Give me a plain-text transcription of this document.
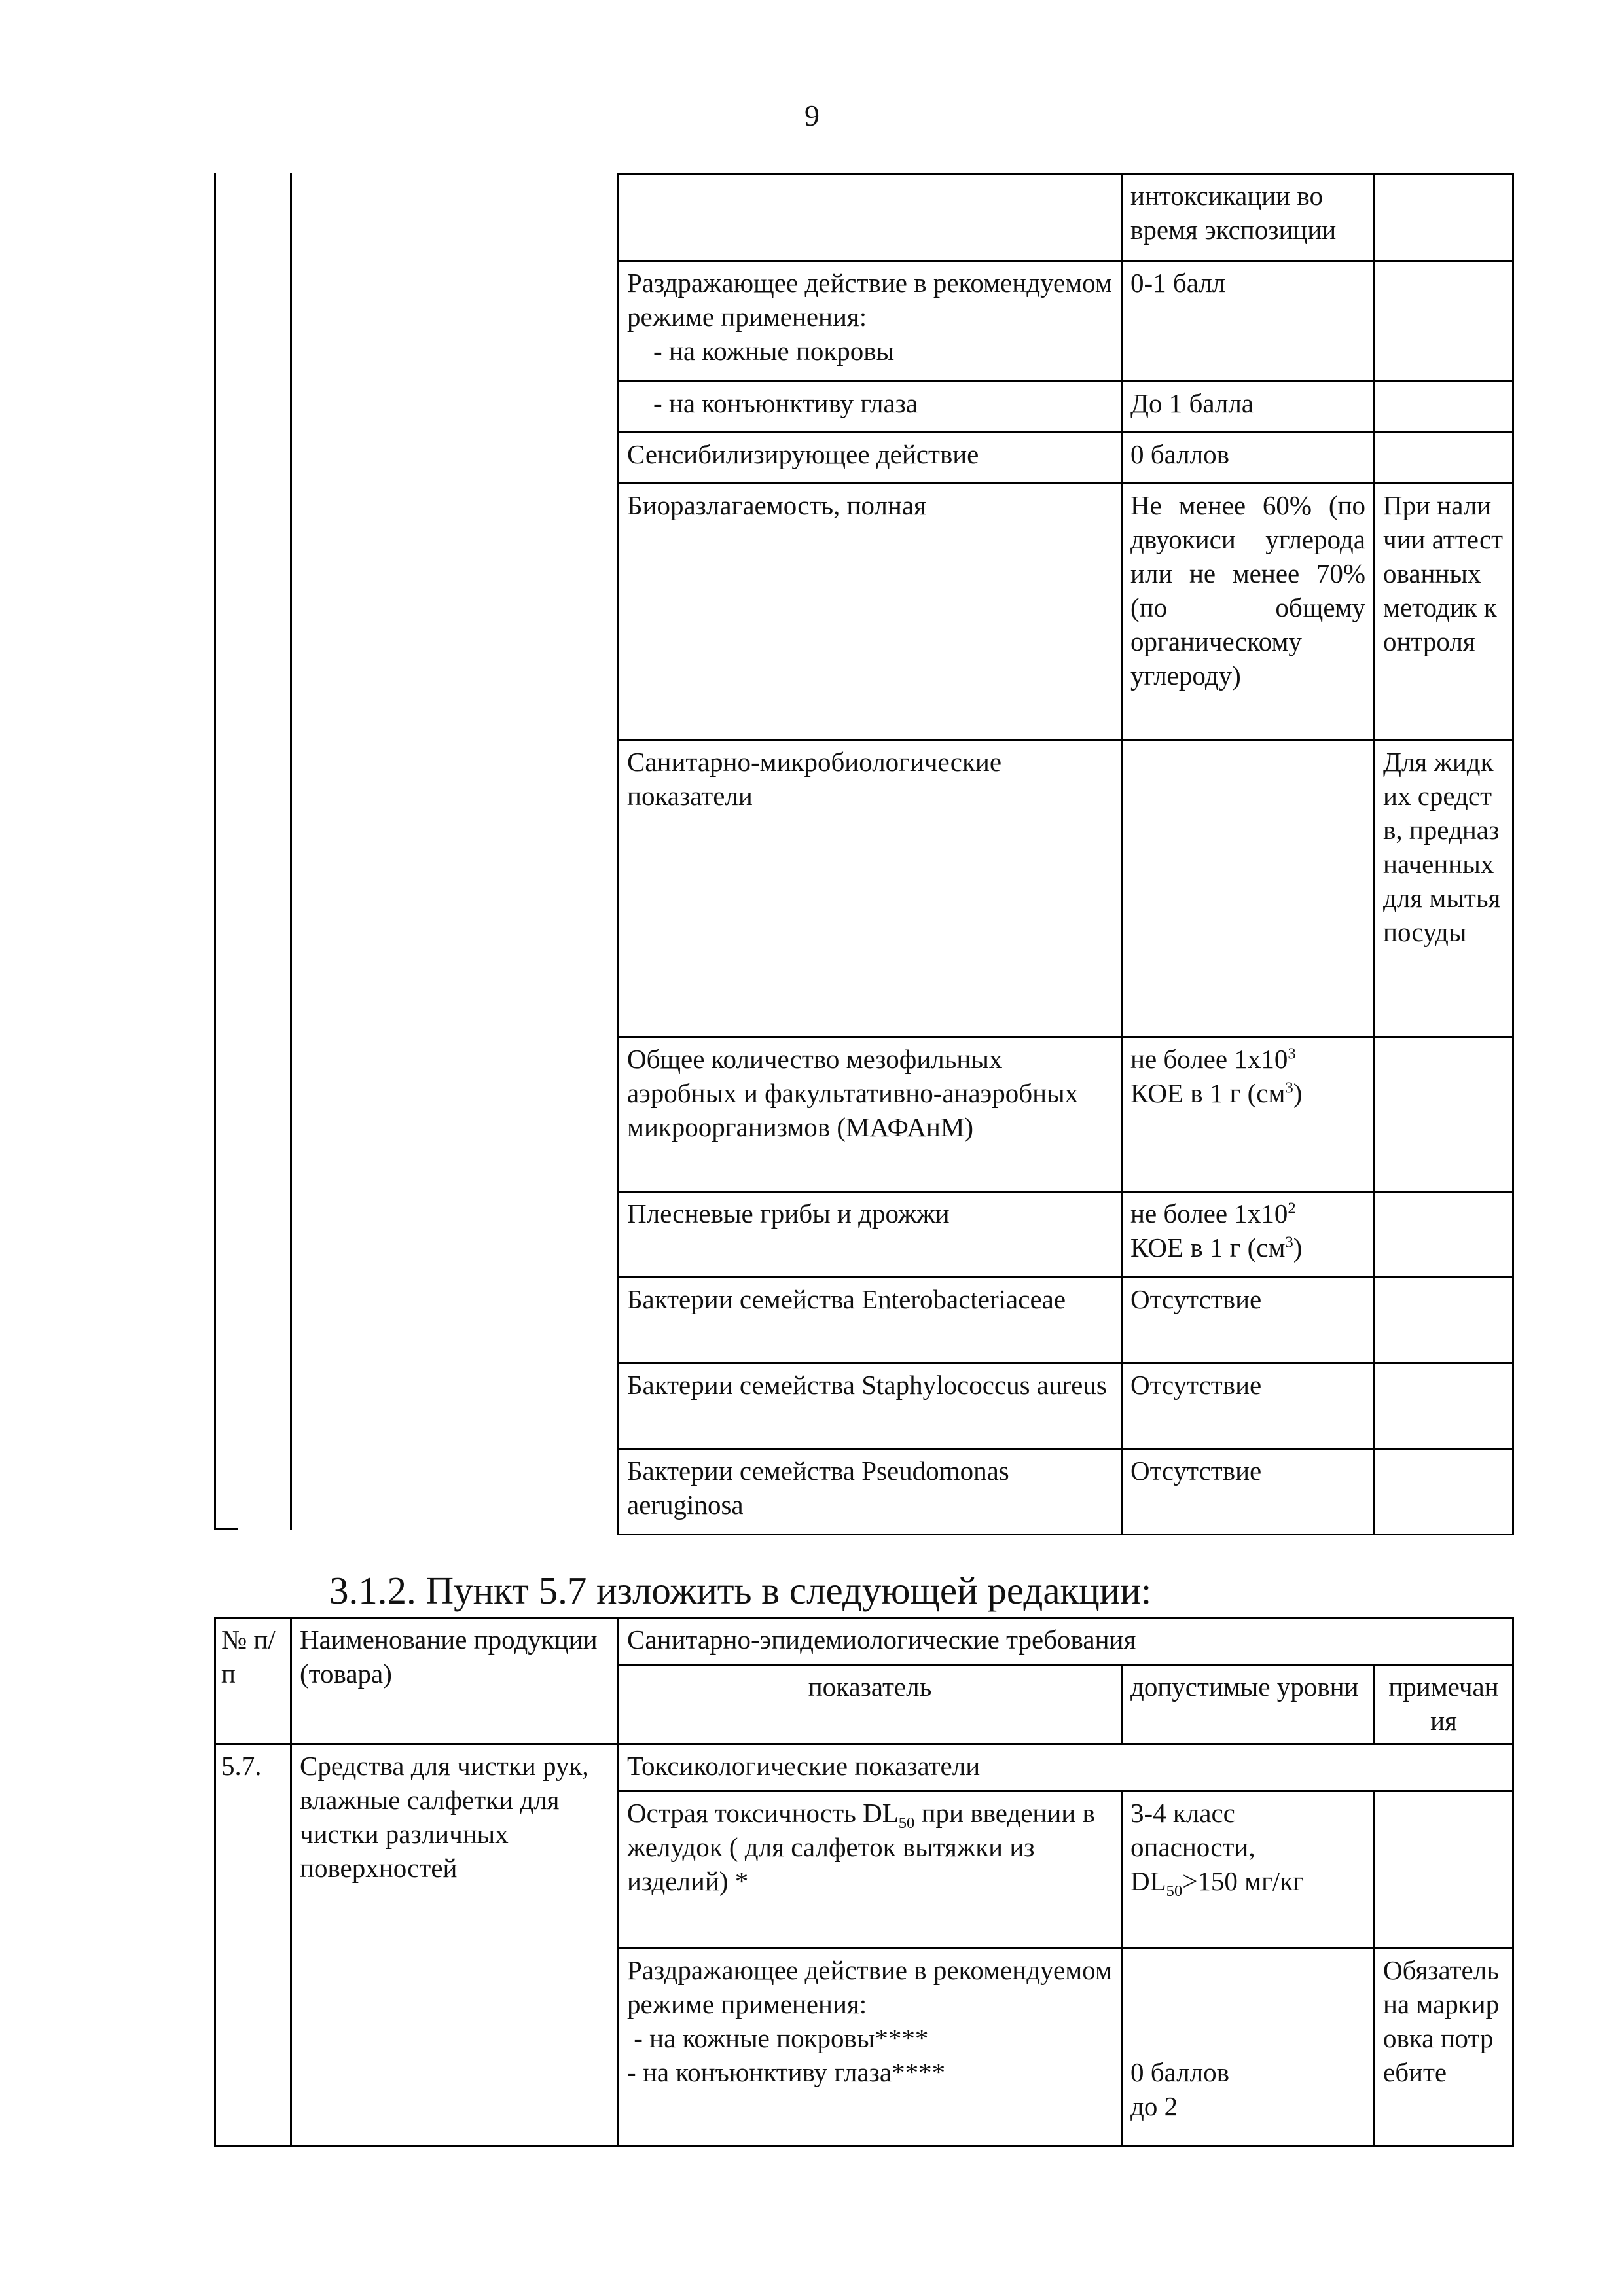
9
	интоксикации во время экспозиции	
Раздражающее действие в рекомендуемом режиме применения:
- на кожные покровы	0-1 балл	
- на конъюнктиву глаза	До 1 балла	
Сенсибилизирующее действие	0 баллов	
Биоразлагаемость, полная	Не менее 60% (по двуокиси углерода или не менее 70% (по общему органическому углероду)	При наличии аттестованных методик контроля
Санитарно-микробиологические показатели		Для жидких средств, предназначенных для мытья посуды
Общее количество мезофильных аэробных и факультативно-анаэробных микроорганизмов (МАФАнМ)	не более $1х10^3$
КОЕ в 1 г $(см^3)$	
Плесневые грибы и дрожжи	не более $1х10^2$
КОЕ в 1 г $(см^3)$	
Бактерии семейства Enterobacteriaceae	Отсутствие	
Бактерии семейства Staphylococcus aureus	Отсутствие	
Бактерии семейства Pseudomonas aeruginosa	Отсутствие	
3.1.2. Пункт 5.7 изложить в следующей редакции:
№ п/п	Наименование продукции (товара)	Санитарно-эпидемиологические требования		
		показатель	допустимые уровни	примечания
5.7.	Средства для чистки рук, влажные салфетки для чистки различных поверхностей	Токсикологические показатели		
		Острая токсичность $DL_{50}$ при введении в желудок ( для салфеток вытяжки из изделий) *	3-4 класс опасности,
$DL_{50}>150$ мг/кг	
		Раздражающее действие в рекомендуемом режиме применения:
- на кожные покровы****
- на конъюнктиву глаза****	0 баллов
до 2	Обязательна маркировка потребите
